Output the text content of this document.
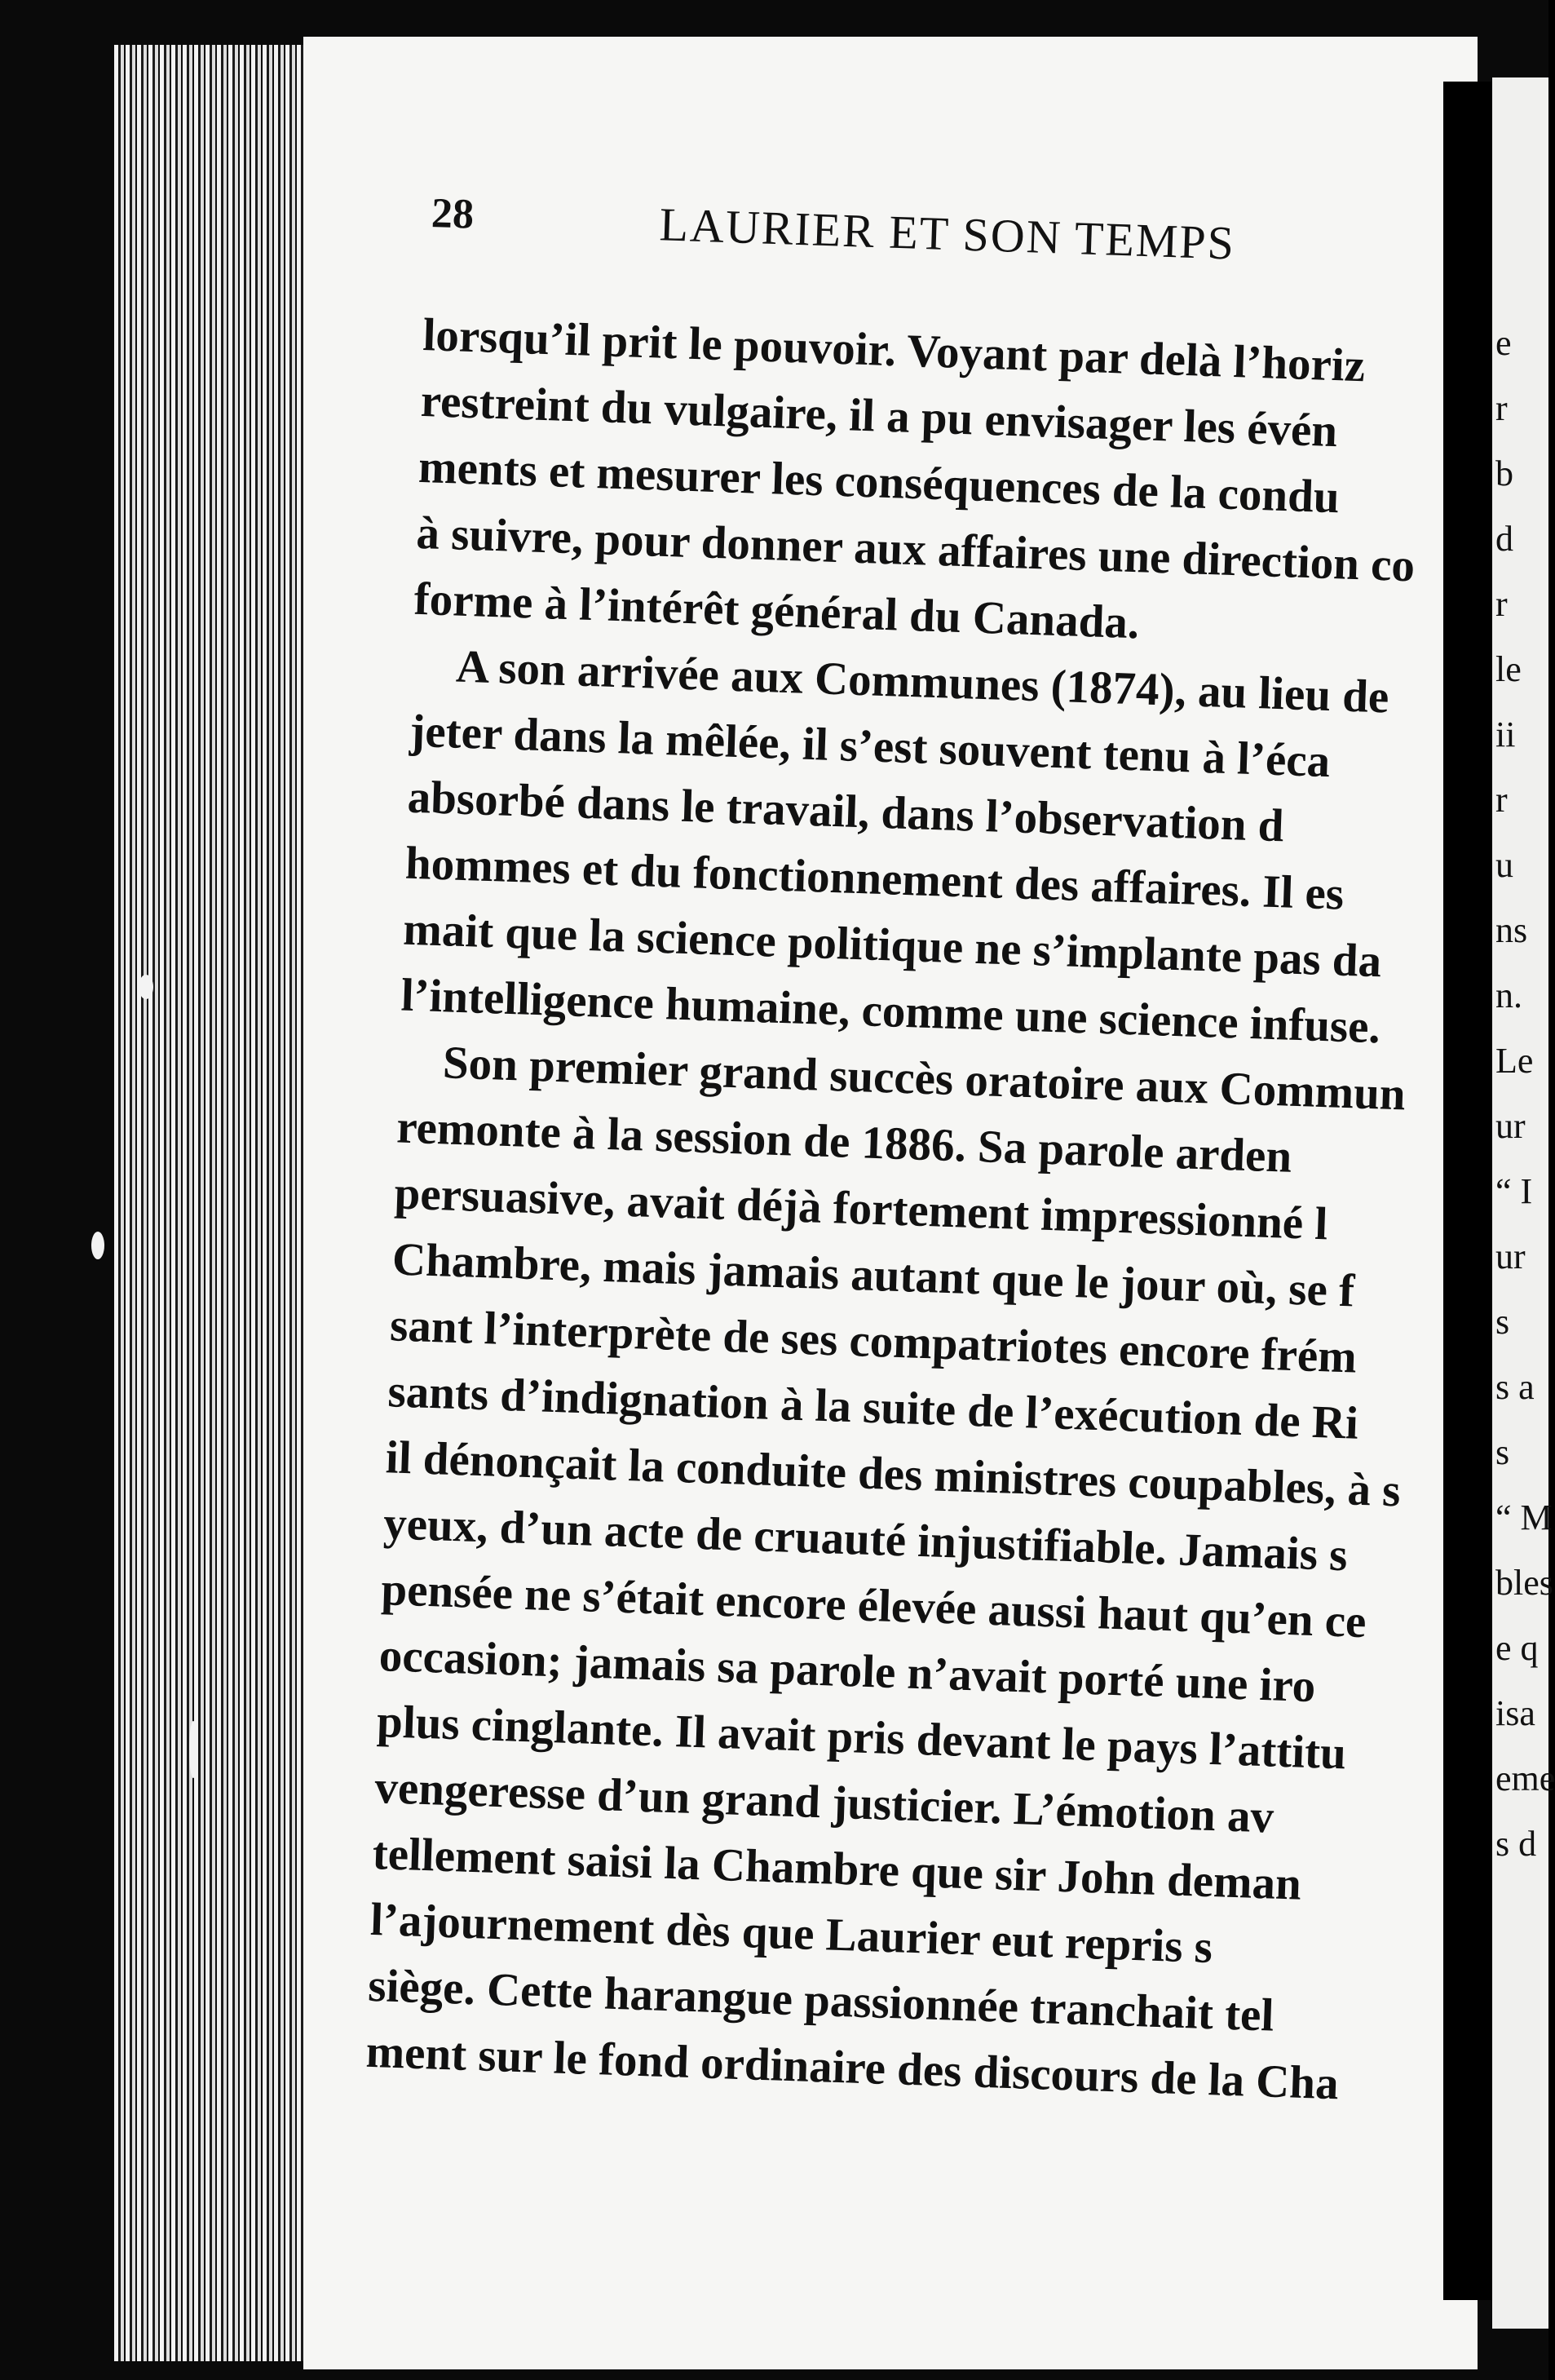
28	LAURIER ET SON TEMPS
lorsqu’il prit le pouvoir. Voyant par delà l’horiz
restreint du vulgaire, il a pu envisager les évén
ments et mesurer les conséquences de la condu
à suivre, pour donner aux affaires une direction co
forme à l’intérêt général du Canada.
A son arrivée aux Communes (1874), au lieu de
jeter dans la mêlée, il s’est souvent tenu à l’éca
absorbé dans le travail, dans l’observation d
hommes et du fonctionnement des affaires. Il es
mait que la science politique ne s’implante pas da
l’intelligence humaine, comme une science infuse.
Son premier grand succès oratoire aux Commun
remonte à la session de 1886. Sa parole arden
persuasive, avait déjà fortement impressionné l
Chambre, mais jamais autant que le jour où, se f
sant l’interprète de ses compatriotes encore frém
sants d’indignation à la suite de l’exécution de Ri
il dénonçait la conduite des ministres coupables, à s
yeux, d’un acte de cruauté injustifiable. Jamais s
pensée ne s’était encore élevée aussi haut qu’en ce
occasion; jamais sa parole n’avait porté une iro
plus cinglante. Il avait pris devant le pays l’attitu
vengeresse d’un grand justicier. L’émotion av
tellement saisi la Chambre que sir John deman
l’ajournement dès que Laurier eut repris s
siège. Cette harangue passionnée tranchait tel
ment sur le fond ordinaire des discours de la Cha
e
r
b
d
r
le
ii
r
u
ns
n.
Le
ur
“ I
ur
s
s a
s
“ M
bles
e q
isa
eme
s d
